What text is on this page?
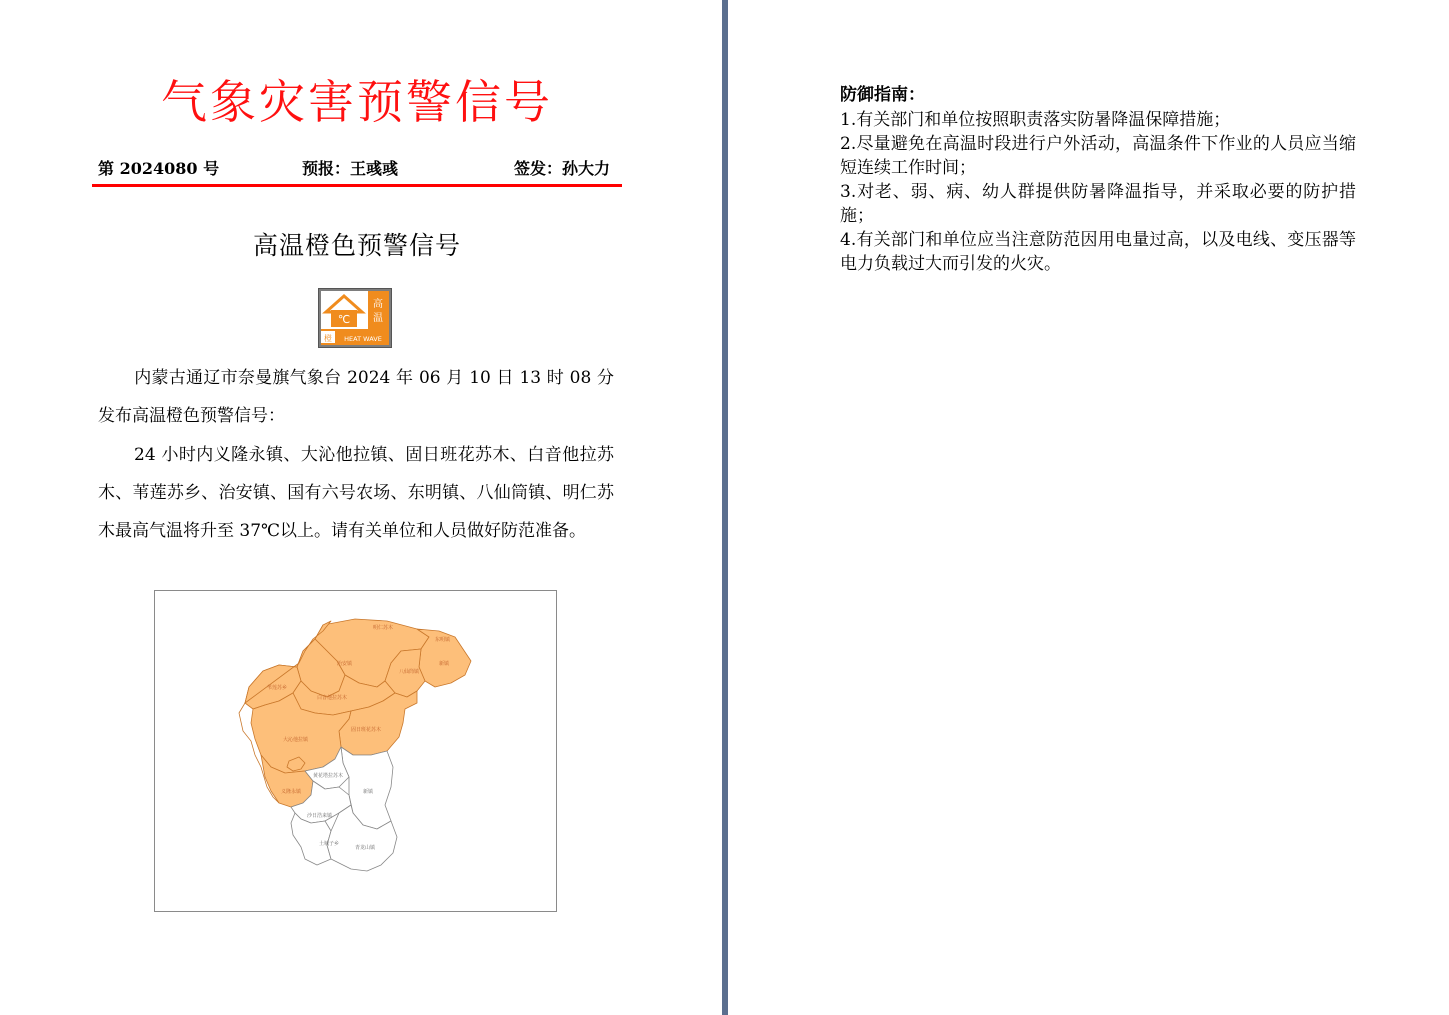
气象灾害预警信号
第 2024080 号	预报：王彧彧	签发：孙大力
高温橙色预警信号
℃
高
温
橙 HEAT WAVE
内蒙古通辽市奈曼旗气象台 2024 年 06 月 10 日 13 时 08 分发布高温橙色预警信号：
24 小时内义隆永镇、大沁他拉镇、固日班花苏木、白音他拉苏木、苇莲苏乡、治安镇、国有六号农场、东明镇、八仙筒镇、明仁苏木最高气温将升至 37℃以上。请有关单位和人员做好防范准备。
明仁苏木
东明镇
八仙筒镇
治安镇	新镇
苇莲苏乡
白音他拉苏木
固日班花苏木
大沁他拉镇
义隆永镇
黄花塔拉苏木
新镇
沙日浩来镇
土城子乡
青龙山镇
防御指南：
1.有关部门和单位按照职责落实防暑降温保障措施；
2.尽量避免在高温时段进行户外活动，高温条件下作业的人员应当缩短连续工作时间；
3.对老、弱、病、幼人群提供防暑降温指导，并采取必要的防护措施；
4.有关部门和单位应当注意防范因用电量过高，以及电线、变压器等电力负载过大而引发的火灾。
